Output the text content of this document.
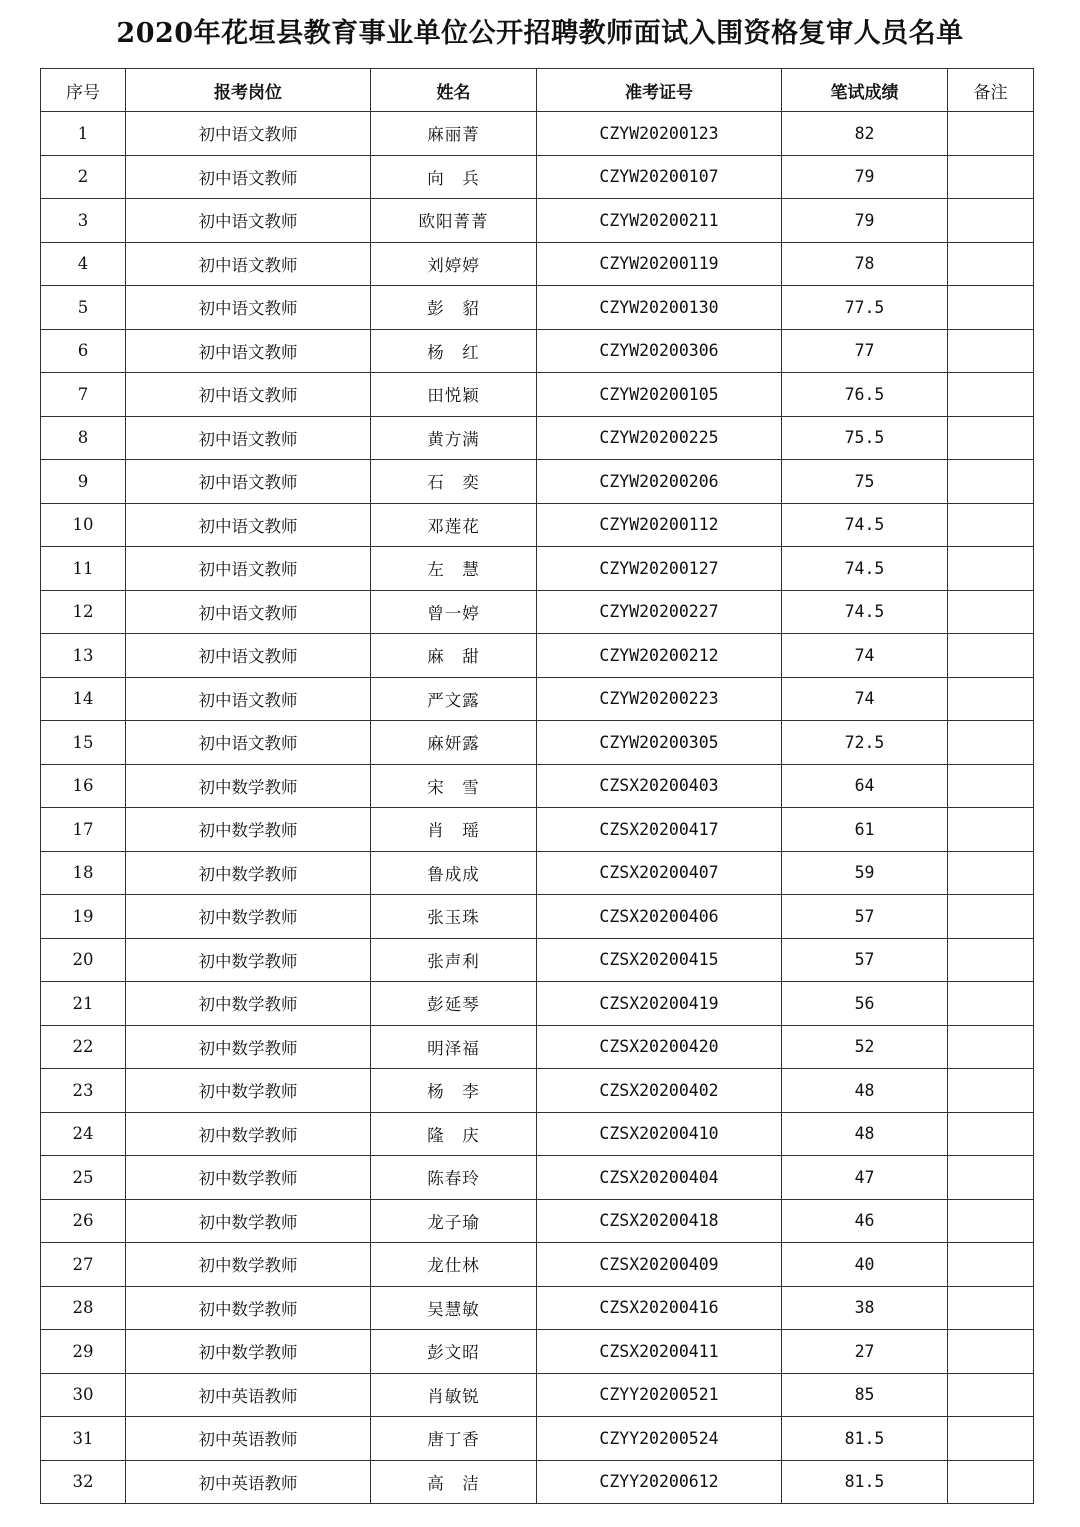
2020年花垣县教育事业单位公开招聘教师面试入围资格复审人员名单
序号	报考岗位	姓名	准考证号	笔试成绩	备注
1	初中语文教师	麻丽菁	CZYW20200123	82	
2	初中语文教师	向　兵	CZYW20200107	79	
3	初中语文教师	欧阳菁菁	CZYW20200211	79	
4	初中语文教师	刘婷婷	CZYW20200119	78	
5	初中语文教师	彭　貂	CZYW20200130	77.5	
6	初中语文教师	杨　红	CZYW20200306	77	
7	初中语文教师	田悦颖	CZYW20200105	76.5	
8	初中语文教师	黄方满	CZYW20200225	75.5	
9	初中语文教师	石　奕	CZYW20200206	75	
10	初中语文教师	邓莲花	CZYW20200112	74.5	
11	初中语文教师	左　慧	CZYW20200127	74.5	
12	初中语文教师	曾一婷	CZYW20200227	74.5	
13	初中语文教师	麻　甜	CZYW20200212	74	
14	初中语文教师	严文露	CZYW20200223	74	
15	初中语文教师	麻妍露	CZYW20200305	72.5	
16	初中数学教师	宋　雪	CZSX20200403	64	
17	初中数学教师	肖　瑶	CZSX20200417	61	
18	初中数学教师	鲁成成	CZSX20200407	59	
19	初中数学教师	张玉珠	CZSX20200406	57	
20	初中数学教师	张声利	CZSX20200415	57	
21	初中数学教师	彭延琴	CZSX20200419	56	
22	初中数学教师	明泽福	CZSX20200420	52	
23	初中数学教师	杨　李	CZSX20200402	48	
24	初中数学教师	隆　庆	CZSX20200410	48	
25	初中数学教师	陈春玲	CZSX20200404	47	
26	初中数学教师	龙子瑜	CZSX20200418	46	
27	初中数学教师	龙仕林	CZSX20200409	40	
28	初中数学教师	吴慧敏	CZSX20200416	38	
29	初中数学教师	彭文昭	CZSX20200411	27	
30	初中英语教师	肖敏锐	CZYY20200521	85	
31	初中英语教师	唐丁香	CZYY20200524	81.5	
32	初中英语教师	高　洁	CZYY20200612	81.5	
